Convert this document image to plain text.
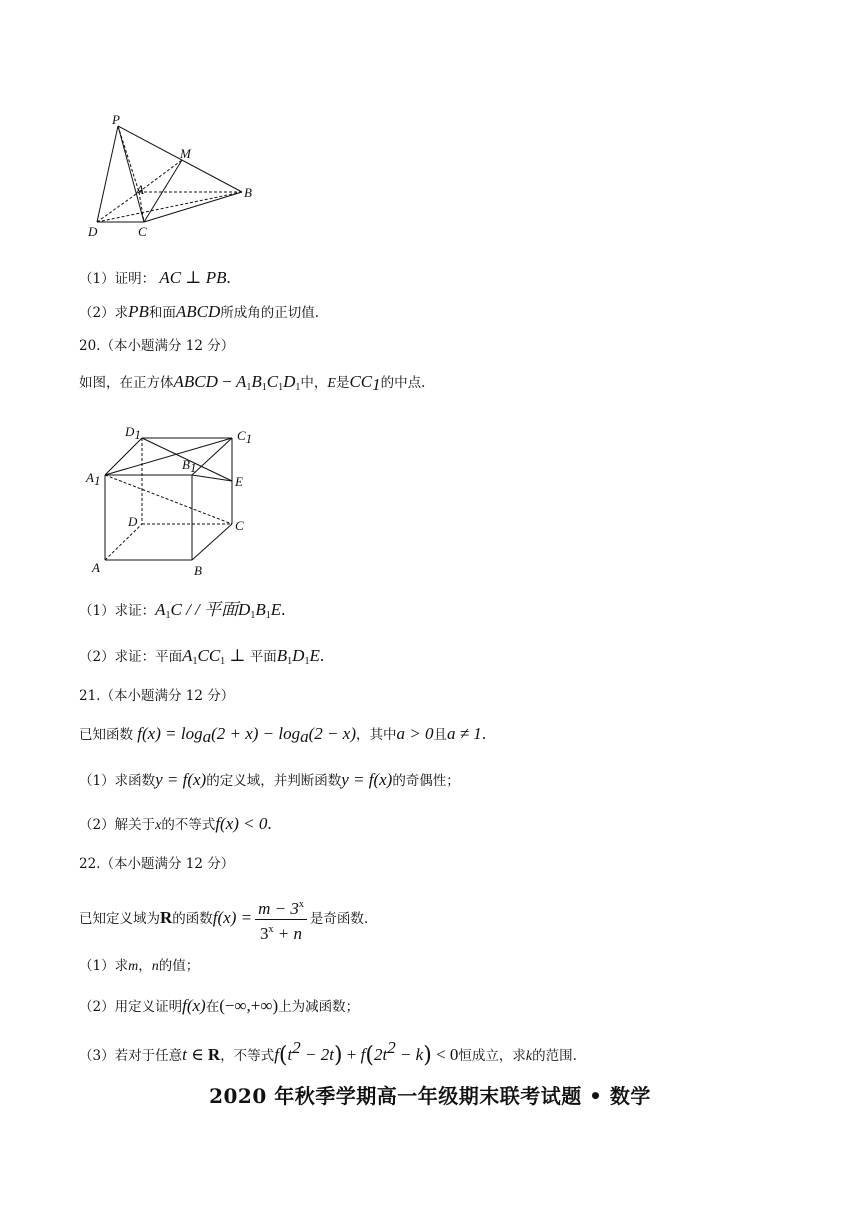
P
M
A	B
D	C
（1）证明： AC ⊥ PB.
（2）求PB和面ABCD所成角的正切值.
20.（本小题满分 12 分）
如图，在正方体ABCD − $A_1B_1C_1D_1$中，E是$CC_1$的中点.
D1	C1
A1
B1
E
D	C
A	B
（1）求证：$A_1C$ / / 平面$D_1B_1E$.
（2）求证：平面$A_1CC_1$ ⊥ 平面$B_1D_1E$.
21.（本小题满分 12 分）
已知函数 $f(x) = \log_a(2 + x) - \log_a(2 - x)$，其中a > 0且a ≠ 1.
（1）求函数y = f(x)的定义域，并判断函数y = f(x)的奇偶性；
（2）解关于x的不等式f(x) < 0.
22.（本小题满分 12 分）
已知定义域为R的函数$f(x) = \frac{m - 3^x}{3^x + n}$ 是奇函数.
（1）求m，n的值；
（2）用定义证明f(x)在(−∞,+∞)上为减函数；
（3）若对于任意t ∈ R，不等式$f(t^2 - 2t) + f(2t^2 - k) < 0$恒成立，求k的范围.
2020 年秋季学期高一年级期末联考试题 • 数学
